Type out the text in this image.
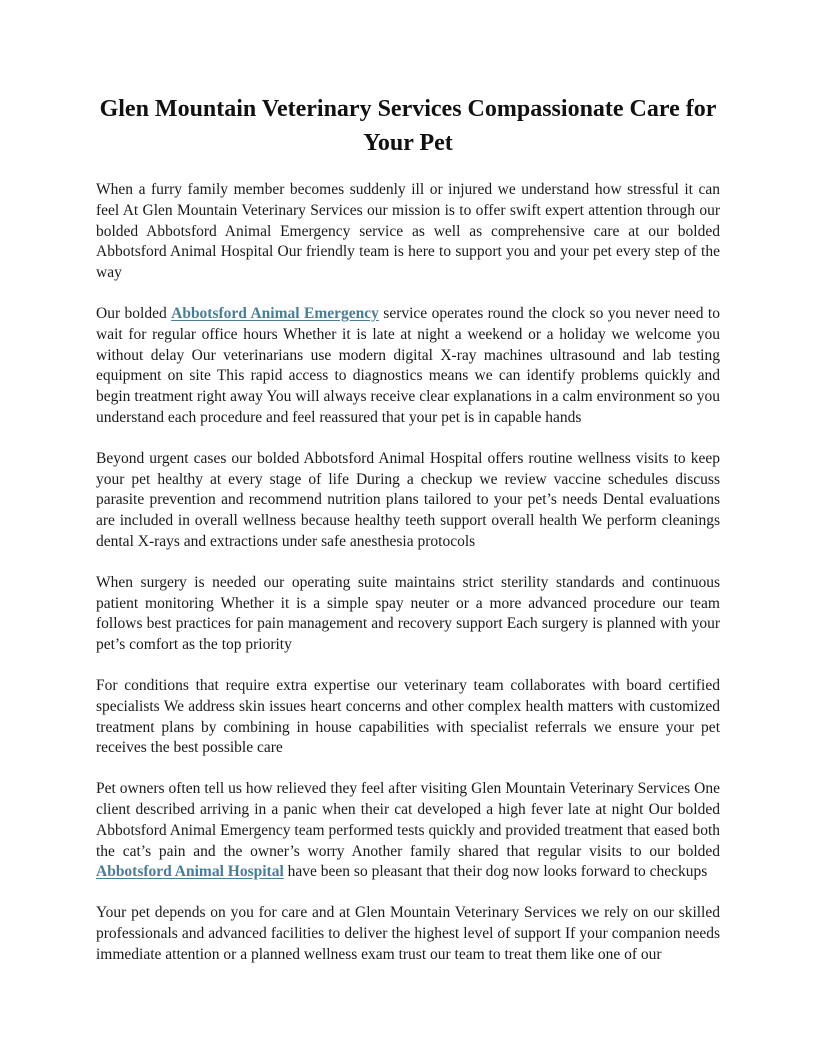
Glen Mountain Veterinary Services Compassionate Care for Your Pet

When a furry family member becomes suddenly ill or injured we understand how stressful it can feel At Glen Mountain Veterinary Services our mission is to offer swift expert attention through our bolded Abbotsford Animal Emergency service as well as comprehensive care at our bolded Abbotsford Animal Hospital Our friendly team is here to support you and your pet every step of the way

Our bolded Abbotsford Animal Emergency service operates round the clock so you never need to wait for regular office hours Whether it is late at night a weekend or a holiday we welcome you without delay Our veterinarians use modern digital X-ray machines ultrasound and lab testing equipment on site This rapid access to diagnostics means we can identify problems quickly and begin treatment right away You will always receive clear explanations in a calm environment so you understand each procedure and feel reassured that your pet is in capable hands

Beyond urgent cases our bolded Abbotsford Animal Hospital offers routine wellness visits to keep your pet healthy at every stage of life During a checkup we review vaccine schedules discuss parasite prevention and recommend nutrition plans tailored to your pet’s needs Dental evaluations are included in overall wellness because healthy teeth support overall health We perform cleanings dental X-rays and extractions under safe anesthesia protocols

When surgery is needed our operating suite maintains strict sterility standards and continuous patient monitoring Whether it is a simple spay neuter or a more advanced procedure our team follows best practices for pain management and recovery support Each surgery is planned with your pet’s comfort as the top priority

For conditions that require extra expertise our veterinary team collaborates with board certified specialists We address skin issues heart concerns and other complex health matters with customized treatment plans by combining in house capabilities with specialist referrals we ensure your pet receives the best possible care

Pet owners often tell us how relieved they feel after visiting Glen Mountain Veterinary Services One client described arriving in a panic when their cat developed a high fever late at night Our bolded Abbotsford Animal Emergency team performed tests quickly and provided treatment that eased both the cat’s pain and the owner’s worry Another family shared that regular visits to our bolded Abbotsford Animal Hospital have been so pleasant that their dog now looks forward to checkups

Your pet depends on you for care and at Glen Mountain Veterinary Services we rely on our skilled professionals and advanced facilities to deliver the highest level of support If your companion needs immediate attention or a planned wellness exam trust our team to treat them like one of our
